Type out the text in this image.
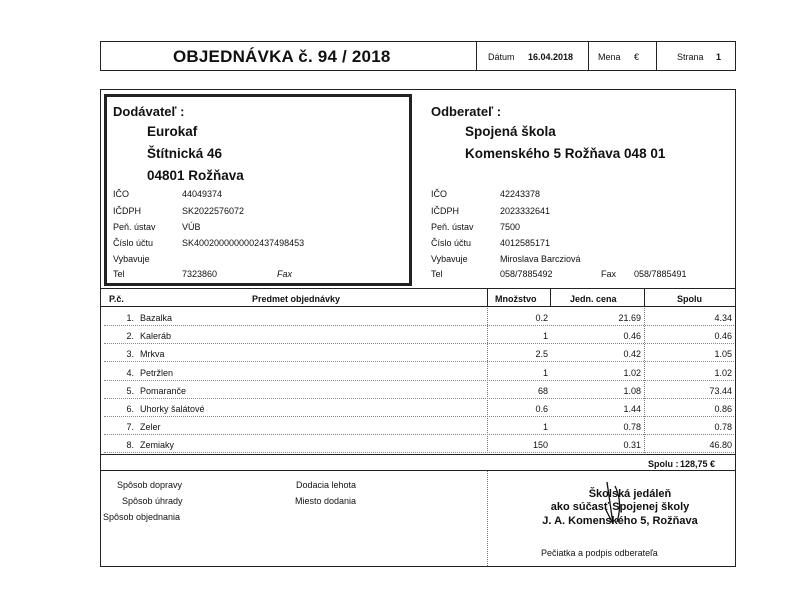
OBJEDNÁVKA č. 94 / 2018	Dátum 16.04.2018	Mena €	Strana 1
Dodávateľ :
Eurokaf
Štítnická 46
04801 Rožňava
IČO	44049374
IČDPH	SK2022576072
Peň. ústav	VÚB
Číslo účtu	SK4002000000002437498453
Vybavuje
Tel	7323860	Fax
Odberateľ :
Spojená škola
Komenského 5 Rožňava 048 01
IČO	42243378
IČDPH	2023332641
Peň. ústav	7500
Číslo účtu	4012585171
Vybavuje	Miroslava Barcziová
Tel	058/7885492	Fax 058/7885491
P.č.	Predmet objednávky	Množstvo	Jedn. cena	Spolu
1. Bazalka	0.2	21.69	4.34
2. Kaleráb	1	0.46	0.46
3. Mrkva	2.5	0.42	1.05
4. Petržlen	1	1.02	1.02
5. Pomaranče	68	1.08	73.44
6. Uhorky šalátové	0.6	1.44	0.86
7. Zeler	1	0.78	0.78
8. Zemiaky	150	0.31	46.80
Spolu : 128,75 €
Spôsob dopravy
Spôsob úhrady
Spôsob objednania
Dodacia lehota
Miesto dodania
Školská jedáleň
ako súčasť Spojenej školy
J. A. Komenského 5, Rožňava
Pečiatka a podpis odberateľa
